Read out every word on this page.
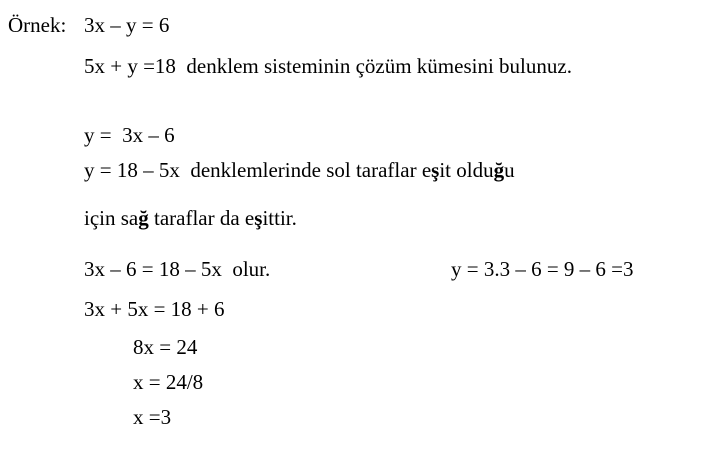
Örnek: 3x – y = 6
5x + y =18  denklem sisteminin çözüm kümesini bulunuz.
y =  3x – 6
y = 18 – 5x  denklemlerinde sol taraflar eşit olduğu
için sağ taraflar da eşittir.
3x – 6 = 18 – 5x  olur.	y = 3.3 – 6 = 9 – 6 =3
3x + 5x = 18 + 6
8x = 24
x = 24/8
x =3
